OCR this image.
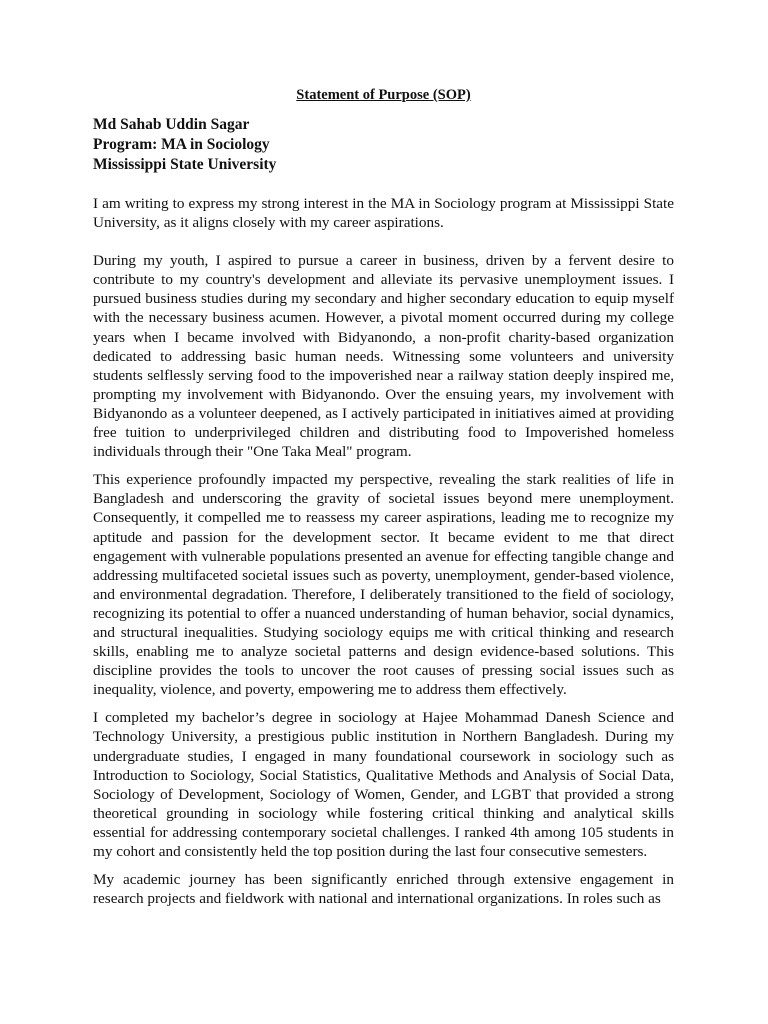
Statement of Purpose (SOP)
Md Sahab Uddin Sagar
Program: MA in Sociology
Mississippi State University

I am writing to express my strong interest in the MA in Sociology program at Mississippi State University, as it aligns closely with my career aspirations.

During my youth, I aspired to pursue a career in business, driven by a fervent desire to contribute to my country's development and alleviate its pervasive unemployment issues. I pursued business studies during my secondary and higher secondary education to equip myself with the necessary business acumen. However, a pivotal moment occurred during my college years when I became involved with Bidyanondo, a non-profit charity-based organization dedicated to addressing basic human needs. Witnessing some volunteers and university students selflessly serving food to the impoverished near a railway station deeply inspired me, prompting my involvement with Bidyanondo. Over the ensuing years, my involvement with Bidyanondo as a volunteer deepened, as I actively participated in initiatives aimed at providing free tuition to underprivileged children and distributing food to Impoverished homeless individuals through their "One Taka Meal" program.

This experience profoundly impacted my perspective, revealing the stark realities of life in Bangladesh and underscoring the gravity of societal issues beyond mere unemployment. Consequently, it compelled me to reassess my career aspirations, leading me to recognize my aptitude and passion for the development sector. It became evident to me that direct engagement with vulnerable populations presented an avenue for effecting tangible change and addressing multifaceted societal issues such as poverty, unemployment, gender-based violence, and environmental degradation. Therefore, I deliberately transitioned to the field of sociology, recognizing its potential to offer a nuanced understanding of human behavior, social dynamics, and structural inequalities. Studying sociology equips me with critical thinking and research skills, enabling me to analyze societal patterns and design evidence-based solutions. This discipline provides the tools to uncover the root causes of pressing social issues such as inequality, violence, and poverty, empowering me to address them effectively.

I completed my bachelor’s degree in sociology at Hajee Mohammad Danesh Science and Technology University, a prestigious public institution in Northern Bangladesh. During my undergraduate studies, I engaged in many foundational coursework in sociology such as Introduction to Sociology, Social Statistics, Qualitative Methods and Analysis of Social Data, Sociology of Development, Sociology of Women, Gender, and LGBT that provided a strong theoretical grounding in sociology while fostering critical thinking and analytical skills essential for addressing contemporary societal challenges. I ranked 4th among 105 students in my cohort and consistently held the top position during the last four consecutive semesters.

My academic journey has been significantly enriched through extensive engagement in research projects and fieldwork with national and international organizations. In roles such as
